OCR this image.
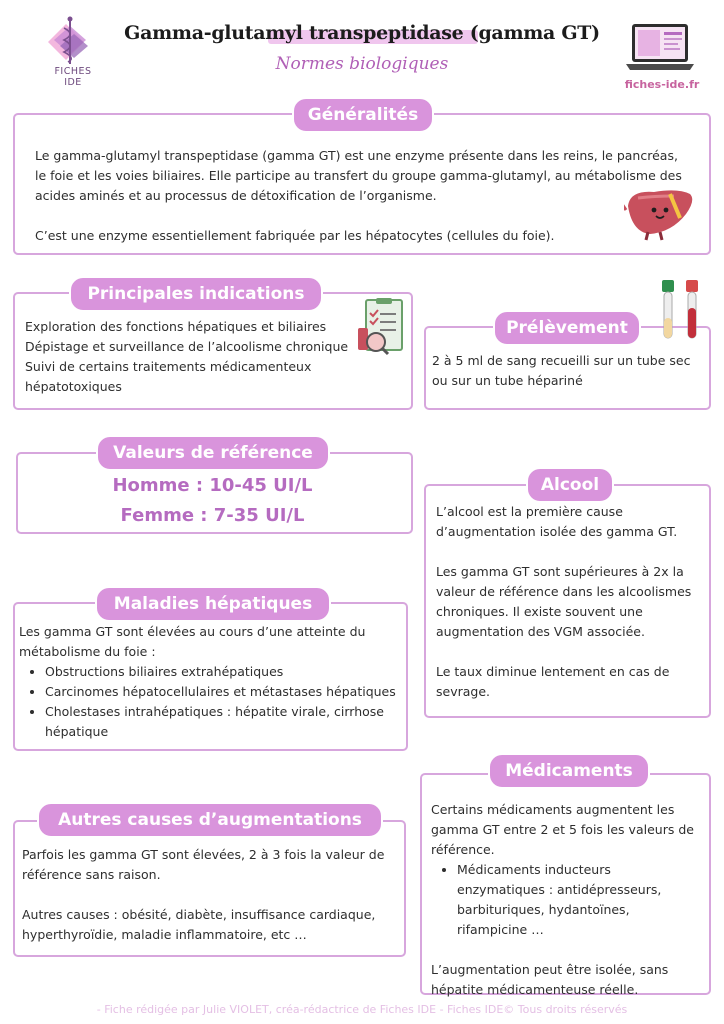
FICHES
IDE
Gamma-glutamyl transpeptidase (gamma GT)
Normes biologiques
fiches-ide.fr
Généralités

Le gamma-glutamyl transpeptidase (gamma GT) est une enzyme présente dans les reins, le pancréas, le foie et les voies biliaires. Elle participe au transfert du groupe gamma-glutamyl, au métabolisme des acides aminés et au processus de détoxification de l’organisme.

C’est une enzyme essentiellement fabriquée par les hépatocytes (cellules du foie).

Principales indications

Exploration des fonctions hépatiques et biliaires

Dépistage et surveillance de l’alcoolisme chronique

Suivi de certains traitements médicamenteux hépatotoxiques

Prélèvement
2 à 5 ml de sang recueilli sur un tube sec ou sur un tube hépariné
Valeurs de référence
Homme : 10-45 UI/L
Femme : 7-35 UI/L
Alcool

L’alcool est la première cause d’augmentation isolée des gamma GT.

Les gamma GT sont supérieures à 2x la valeur de référence dans les alcoolismes chroniques. Il existe souvent une augmentation des VGM associée.

Le taux diminue lentement en cas de sevrage.

Maladies hépatiques

Les gamma GT sont élevées au cours d’une atteinte du métabolisme du foie :

• Obstructions biliaires extrahépatiques
• Carcinomes hépatocellulaires et métastases hépatiques
• Cholestases intrahépatiques : hépatite virale, cirrhose hépatique
Médicaments

Certains médicaments augmentent les gamma GT entre 2 et 5 fois les valeurs de référence.

• Médicaments inducteurs enzymatiques : antidépresseurs, barbituriques, hydantoïnes, rifampicine …

L’augmentation peut être isolée, sans hépatite médicamenteuse réelle.

Autres causes d’augmentations

Parfois les gamma GT sont élevées, 2 à 3 fois la valeur de référence sans raison.

Autres causes : obésité, diabète, insuffisance cardiaque, hyperthyroïdie, maladie inflammatoire, etc …

- Fiche rédigée par Julie VIOLET, créa-rédactrice de Fiches IDE - Fiches IDE© Tous droits réservés
